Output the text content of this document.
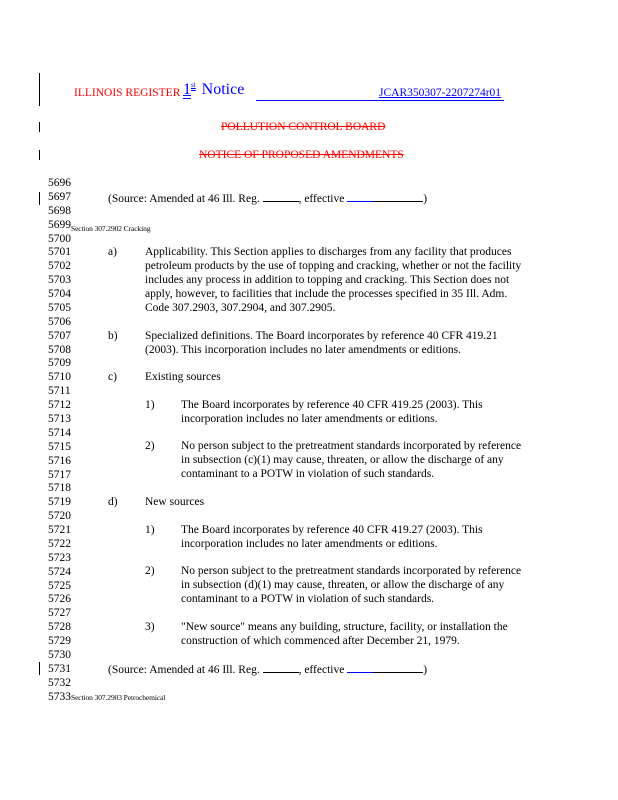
ILLINOIS REGISTER 1st Notice	JCAR350307-2207274r01
POLLUTION CONTROL BOARD
NOTICE OF PROPOSED AMENDMENTS
5696
5697
5698
5699
5700
5701
5702
5703
5704
5705
5706
5707
5708
5709
5710
5711
5712
5713
5714
5715
5716
5717
5718
5719
5720
5721
5722
5723
5724
5725
5726
5727
5728
5729
5730
5731
5732
5733
(Source: Amended at 46 Ill. Reg.	, effective	)
Section 307.2902 Cracking
a) Applicability. This Section applies to discharges from any facility that produces
petroleum products by the use of topping and cracking, whether or not the facility
includes any process in addition to topping and cracking. This Section does not
apply, however, to facilities that include the processes specified in 35 Ill. Adm.
Code 307.2903, 307.2904, and 307.2905.
b) Specialized definitions. The Board incorporates by reference 40 CFR 419.21
(2003). This incorporation includes no later amendments or editions.
c) Existing sources
1) The Board incorporates by reference 40 CFR 419.25 (2003). This
incorporation includes no later amendments or editions.
2) No person subject to the pretreatment standards incorporated by reference
in subsection (c)(1) may cause, threaten, or allow the discharge of any
contaminant to a POTW in violation of such standards.
d) New sources
1) The Board incorporates by reference 40 CFR 419.27 (2003). This
incorporation includes no later amendments or editions.
2) No person subject to the pretreatment standards incorporated by reference
in subsection (d)(1) may cause, threaten, or allow the discharge of any
contaminant to a POTW in violation of such standards.
3) "New source" means any building, structure, facility, or installation the
construction of which commenced after December 21, 1979.
(Source: Amended at 46 Ill. Reg.	, effective	)
Section 307.2903 Petrochemical
